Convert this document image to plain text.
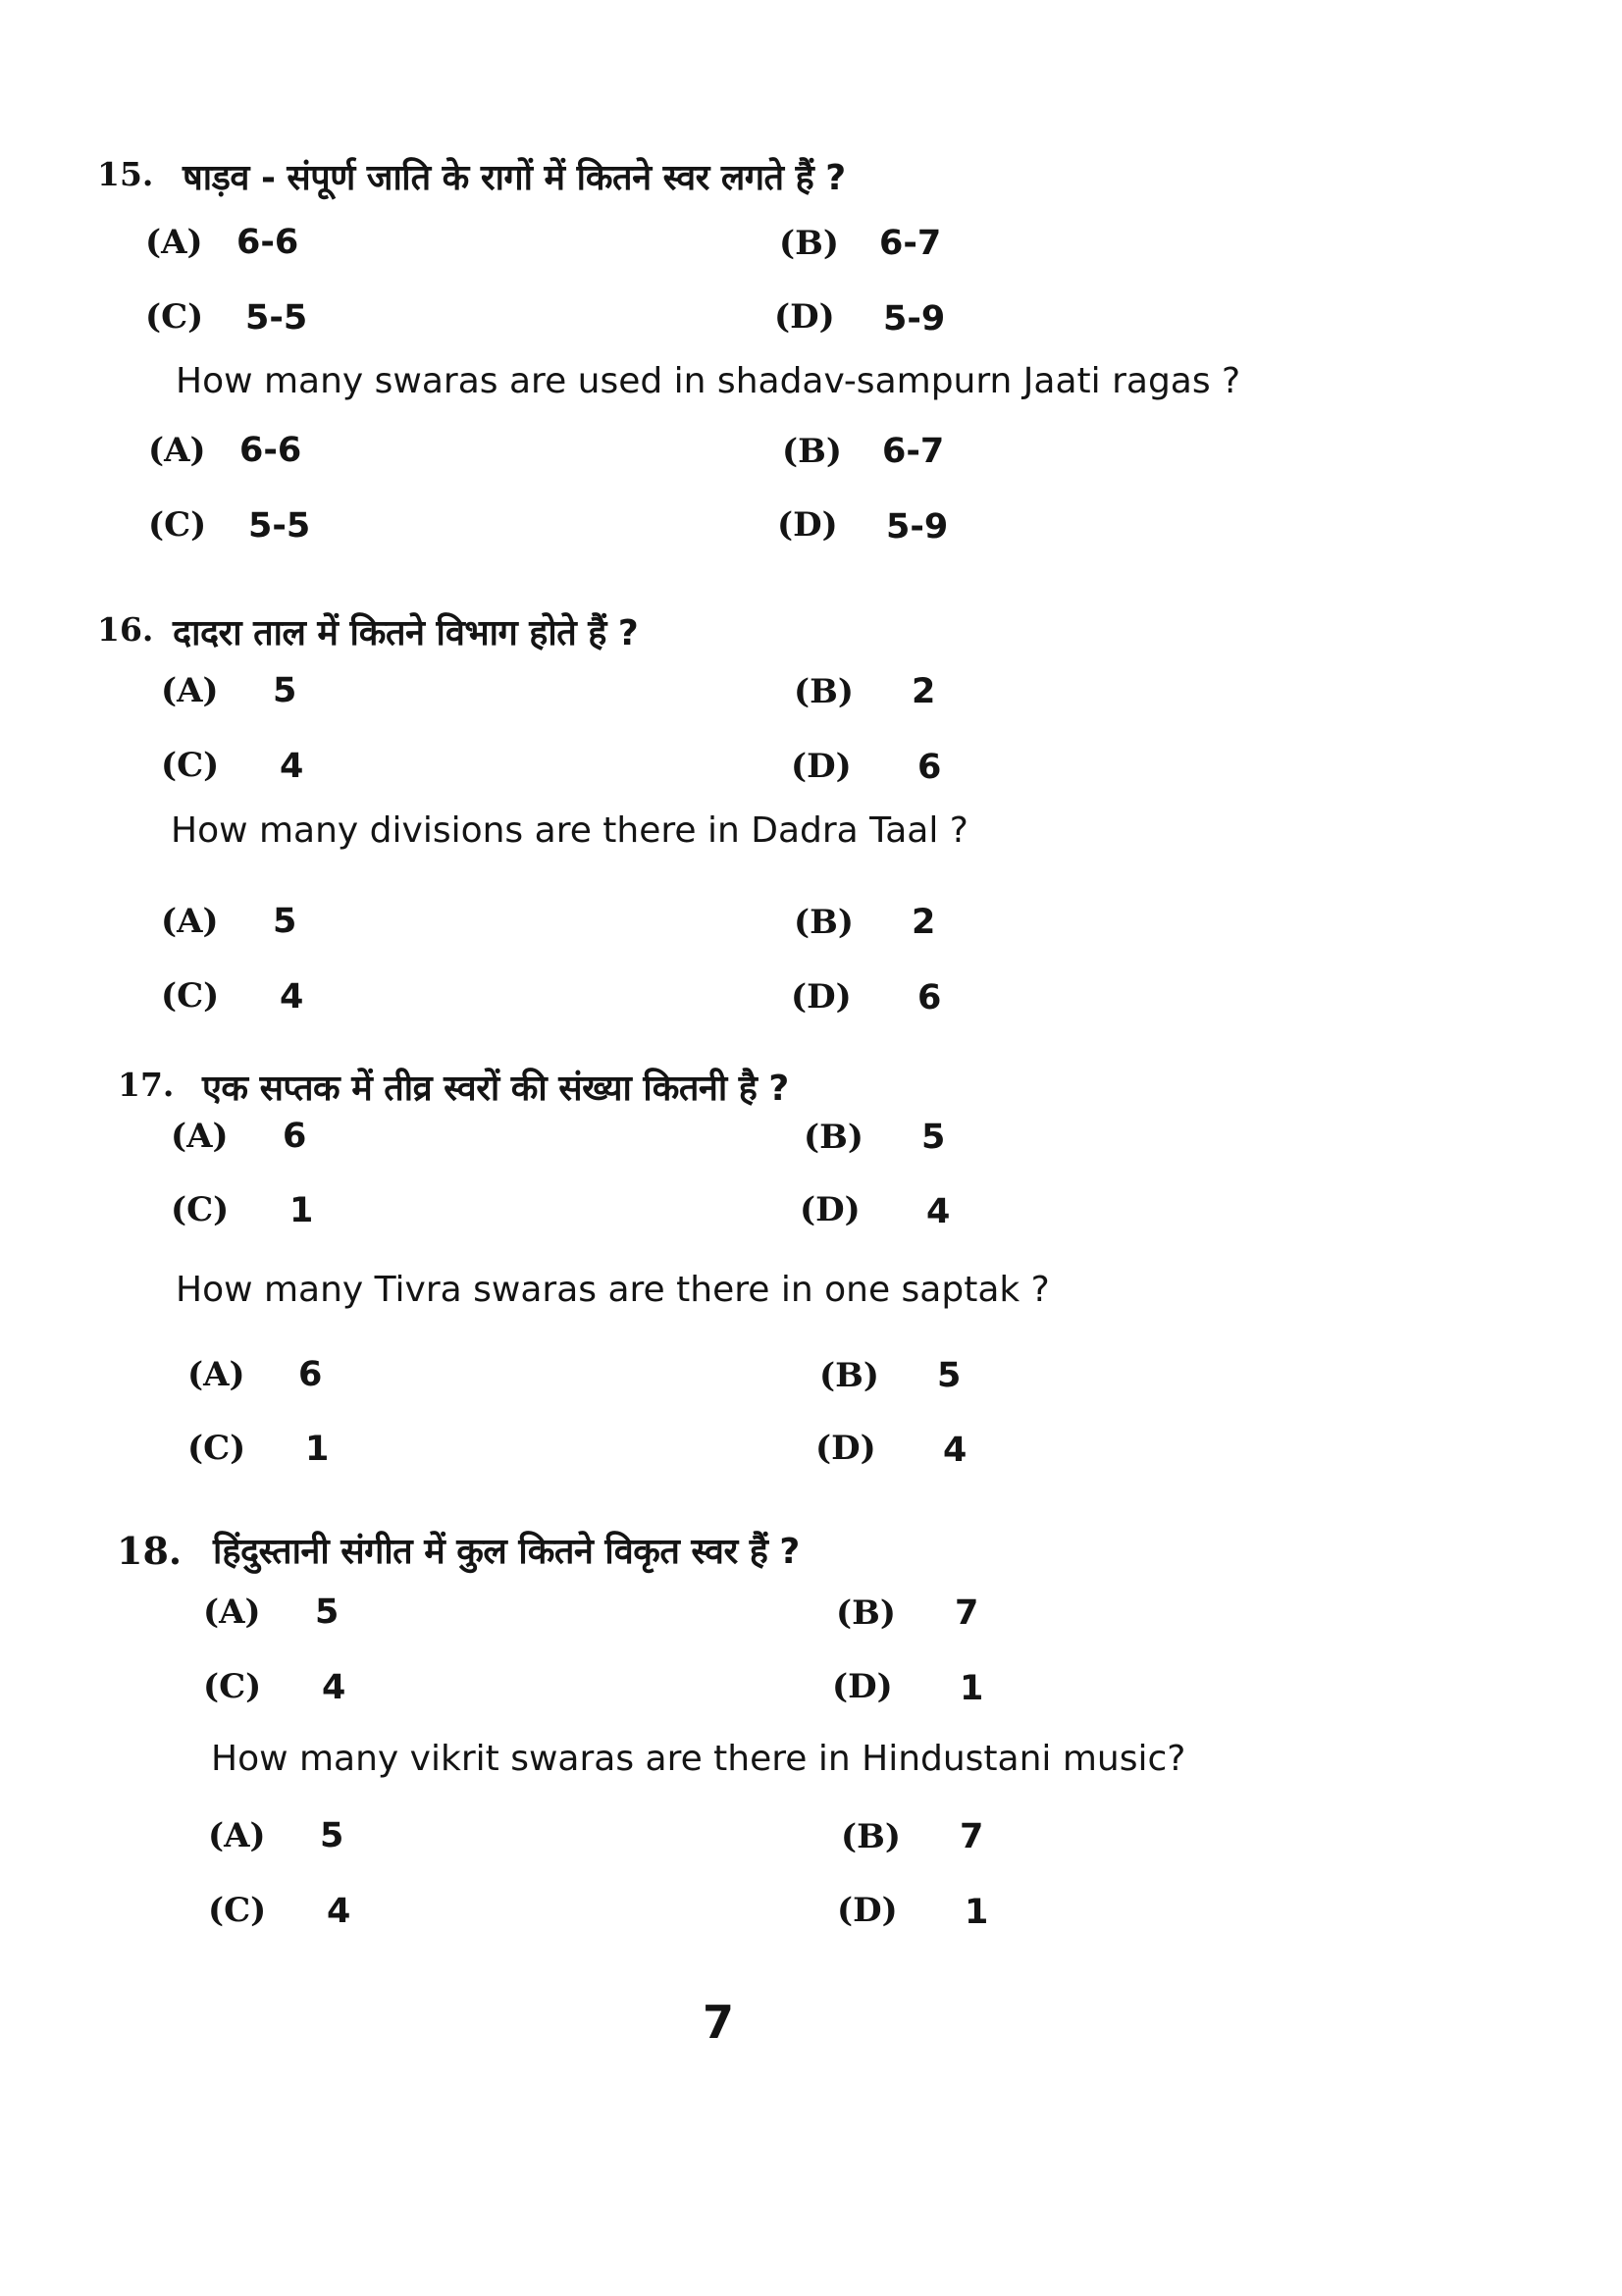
15. षाड़व - संपूर्ण जाति के रागों में कितने स्वर लगते हैं ?
(A) 6-6	(B) 6-7
(C) 5-5	(D) 5-9
How many swaras are used in shadav-sampurn Jaati ragas ?
(A) 6-6	(B) 6-7
(C) 5-5	(D) 5-9
16. दादरा ताल में कितने विभाग होते हैं ?
(A) 5	(B) 2
(C) 4	(D) 6
How many divisions are there in Dadra Taal ?
(A) 5	(B) 2
(C) 4	(D) 6
17. एक सप्तक में तीव्र स्वरों की संख्या कितनी है ?
(A) 6	(B) 5
(C) 1	(D) 4
How many Tivra swaras are there in one saptak ?
(A) 6	(B) 5
(C) 1	(D) 4
18. हिंदुस्तानी संगीत में कुल कितने विकृत स्वर हैं ?
(A) 5	(B) 7
(C) 4	(D) 1
How many vikrit swaras are there in Hindustani music?
(A) 5	(B) 7
(C) 4	(D) 1
7
